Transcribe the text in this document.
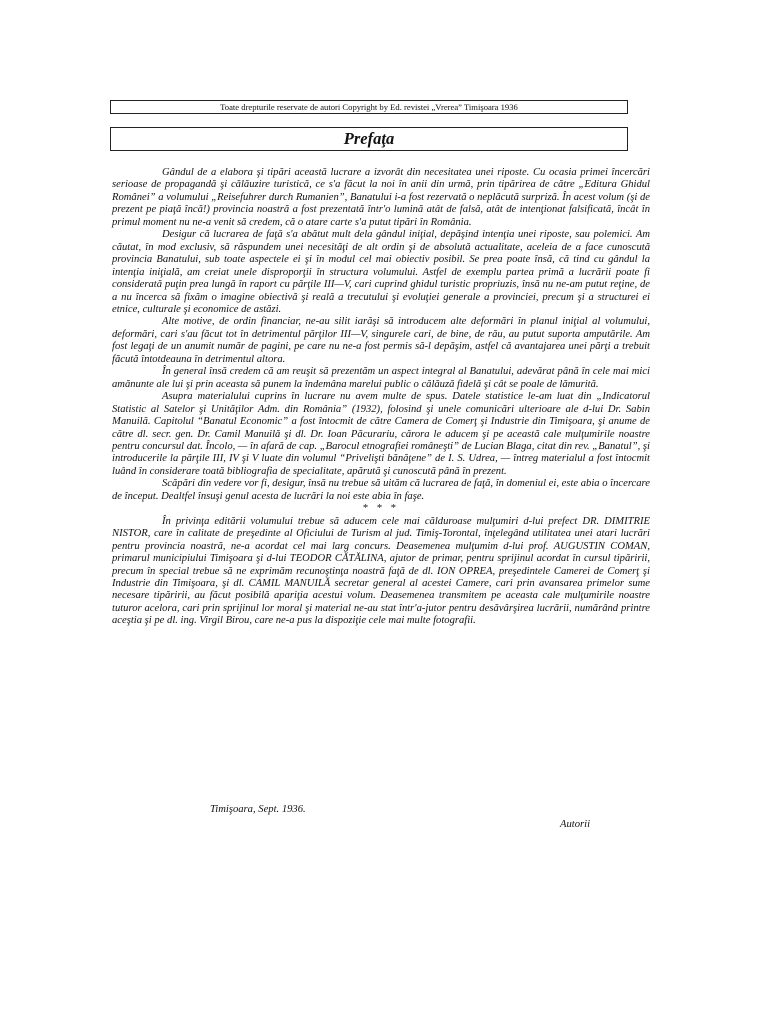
Toate drepturile reservate de autori Copyright by Ed. revistei „Vrerea” Timişoara 1936
Prefaţa

Gândul de a elabora şi tipări această lucrare a izvorât din necesitatea unei riposte. Cu ocasia primei încercări serioase de propagandă şi călăuzire turistică, ce s'a făcut la noi în anii din urmă, prin tipărirea de către „Editura Ghidul Românei” a volumului „Reisefuhrer durch Rumanien”, Banatului i-a fost rezervată o neplăcută surpriză. În acest volum (şi de prezent pe piaţă încă!) provincia noastră a fost prezentată într'o lumină atât de falsă, atât de intenţionat falsificată, încât în primul moment nu ne-a venit să credem, că o atare carte s'a putut tipări în România.

Desigur că lucrarea de faţă s'a abătut mult dela gândul iniţial, depăşind intenţia unei riposte, sau polemici. Am căutat, în mod exclusiv, să răspundem unei necesităţi de alt ordin şi de absolută actualitate, aceleia de a face cunoscută provincia Banatului, sub toate aspectele ei şi în modul cel mai obiectiv posibil. Se prea poate însă, că tind cu gândul la intenţia iniţială, am creiat unele disproporţii în structura volumului. Astfel de exemplu partea primă a lucrării poate fi considerată puţin prea lungă în raport cu părţile III—V, cari cuprind ghidul turistic propriuzis, însă nu ne-am putut reţine, de a nu încerca să fixăm o imagine obiectivă şi reală a trecutului şi evoluţiei generale a provinciei, precum şi a structurei ei etnice, culturale şi economice de astăzi.

Alte motive, de ordin financiar, ne-au silit iarăşi să introducem alte deformări în planul iniţial al volumului, deformări, cari s'au făcut tot în detrimentul părţilor III—V, singurele cari, de bine, de rău, au putut suporta amputările. Am fost legaţi de un anumit număr de pagini, pe care nu ne-a fost permis să-l depăşim, astfel că avantajarea unei părţi a trebuit făcută întotdeauna în detrimentul altora.

În general însă credem că am reuşit să prezentăm un aspect integral al Banatului, adevărat până în cele mai mici amănunte ale lui şi prin aceasta să punem la îndemâna marelui public o călăuză fidelă şi cât se poale de lămurită.

Asupra materialului cuprins în lucrare nu avem multe de spus. Datele statistice le-am luat din „Indicatorul Statistic al Satelor şi Unităţilor Adm. din România” (1932), folosind şi unele comunicări ulterioare ale d-lui Dr. Sabin Manuilă. Capitolul “Banatul Economic” a fost întocmit de către Camera de Comerţ şi Industrie din Timişoara, şi anume de către dl. secr. gen. Dr. Camil Manuilă şi dl. Dr. Ioan Păcurariu, cărora le aducem şi pe această cale mulţumirile noastre pentru concursul dat. Încolo, — în afară de cap. „Barocul etnografiei româneşti” de Lucian Blaga, citat din rev. „Banatul”, şi introducerile la părţile III, IV şi V luate din volumul “Privelişti bănăţene” de I. S. Udrea, — întreg materialul a fost întocmit luând în considerare toată bibliografia de specialitate, apărută şi cunoscută până în prezent.

Scăpări din vedere vor fi, desigur, însă nu trebue să uităm că lucrarea de faţă, în domeniul ei, este abia o încercare de început. Dealtfel însuşi genul acesta de lucrări la noi este abia în faşe.

* * *

În privinţa editării volumului trebue să aducem cele mai călduroase mulţumiri d-lui prefect DR. DIMITRIE NISTOR, care în calitate de preşedinte al Oficiului de Turism al jud. Timiş-Torontal, înţelegând utilitatea unei atari lucrări pentru provincia noastră, ne-a acordat cel mai larg concurs. Deasemenea mulţumim d-lui prof. AUGUSTIN COMAN, primarul municipiului Timişoara şi d-lui TEODOR CĂTĂLINA, ajutor de primar, pentru sprijinul acordat în cursul tipăririi, precum în special trebue să ne exprimăm recunoştinţa noastră faţă de dl. ION OPREA, preşedintele Camerei de Comerţ şi Industrie din Timişoara, şi dl. CAMIL MANUILĂ secretar general al acestei Camere, cari prin avansarea primelor sume necesare tipăririi, au făcut posibilă apariţia acestui volum. Deasemenea transmitem pe aceasta cale mulţumirile noastre tuturor acelora, cari prin sprijinul lor moral şi material ne-au stat într'a-jutor pentru desăvârşirea lucrării, numărând printre aceştia şi pe dl. ing. Virgil Birou, care ne-a pus la dispoziţie cele mai multe fotografii.

Timişoara, Sept. 1936.
Autorii
